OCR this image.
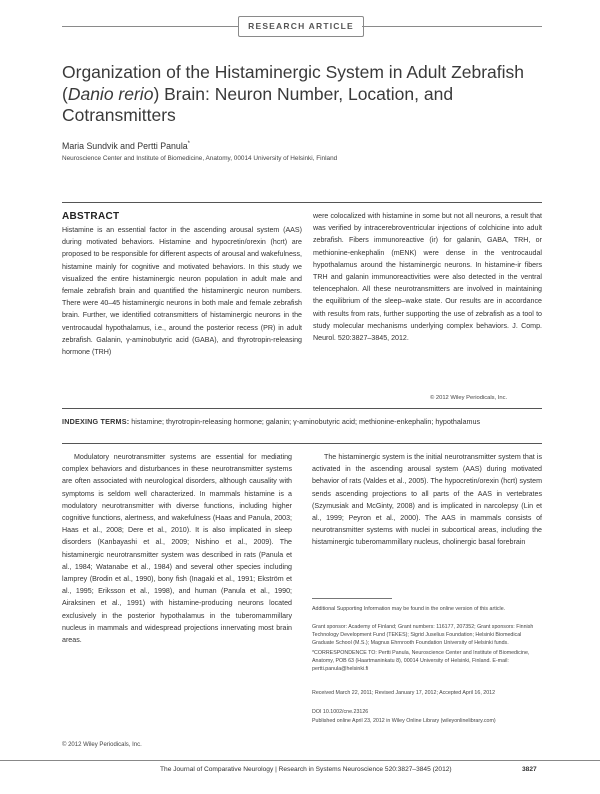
RESEARCH ARTICLE
Organization of the Histaminergic System in Adult Zebrafish (Danio rerio) Brain: Neuron Number, Location, and Cotransmitters
Maria Sundvik and Pertti Panula*
Neuroscience Center and Institute of Biomedicine, Anatomy, 00014 University of Helsinki, Finland
ABSTRACT
Histamine is an essential factor in the ascending arousal system (AAS) during motivated behaviors. Histamine and hypocretin/orexin (hcrt) are proposed to be responsible for different aspects of arousal and wakefulness, histamine mainly for cognitive and motivated behaviors. In this study we visualized the entire histaminergic neuron population in adult male and female zebrafish brain and quantified the histaminergic neuron numbers. There were 40–45 histaminergic neurons in both male and female zebrafish brain. Further, we identified cotransmitters of histaminergic neurons in the ventrocaudal hypothalamus, i.e., around the posterior recess (PR) in adult zebrafish. Galanin, γ-aminobutyric acid (GABA), and thyrotropin-releasing hormone (TRH)
were colocalized with histamine in some but not all neurons, a result that was verified by intracerebroventricular injections of colchicine into adult zebrafish. Fibers immunoreactive (ir) for galanin, GABA, TRH, or methionine-enkephalin (mENK) were dense in the ventrocaudal hypothalamus around the histaminergic neurons. In histamine-ir fibers TRH and galanin immunoreactivities were also detected in the ventral telencephalon. All these neurotransmitters are involved in maintaining the equilibrium of the sleep–wake state. Our results are in accordance with results from rats, further supporting the use of zebrafish as a tool to study molecular mechanisms underlying complex behaviors. J. Comp. Neurol. 520:3827–3845, 2012.
© 2012 Wiley Periodicals, Inc.
INDEXING TERMS: histamine; thyrotropin-releasing hormone; galanin; γ-aminobutyric acid; methionine-enkephalin; hypothalamus
Modulatory neurotransmitter systems are essential for mediating complex behaviors and disturbances in these neurotransmitter systems are often associated with neurological disorders, although causality with symptoms is seldom well characterized. In mammals histamine is a modulatory neurotransmitter with diverse functions, including higher cognitive functions, alertness, and wakefulness (Haas and Panula, 2003; Haas et al., 2008; Dere et al., 2010). It is also implicated in sleep disorders (Kanbayashi et al., 2009; Nishino et al., 2009). The histaminergic neurotransmitter system was described in rats (Panula et al., 1984; Watanabe et al., 1984) and several other species including lamprey (Brodin et al., 1990), bony fish (Inagaki et al., 1991; Ekström et al., 1995; Eriksson et al., 1998), and human (Panula et al., 1990; Airaksinen et al., 1991) with histamine-producing neurons located exclusively in the posterior hypothalamus in the tuberomammillary nucleus in mammals and widespread projections innervating most brain areas.
The histaminergic system is the initial neurotransmitter system that is activated in the ascending arousal system (AAS) during motivated behavior of rats (Valdes et al., 2005). The hypocretin/orexin (hcrt) system sends ascending projections to all parts of the AAS in vertebrates (Szymusiak and McGinty, 2008) and is implicated in narcolepsy (Lin et al., 1999; Peyron et al., 2000). The AAS in mammals consists of neurotransmitter systems with nuclei in subcortical areas, including the histaminergic tuberomammillary nucleus, cholinergic basal forebrain
Additional Supporting Information may be found in the online version of this article.
Grant sponsor: Academy of Finland; Grant numbers: 116177, 207352; Grant sponsors: Finnish Technology Development Fund (TEKES); Sigrid Juselius Foundation; Helsinki Biomedical Graduate School (M.S.); Magnus Ehrnrooth Foundation University of Helsinki funds.
*CORRESPONDENCE TO: Pertti Panula, Neuroscience Center and Institute of Biomedicine, Anatomy, POB 63 (Haartmaninkatu 8), 00014 University of Helsinki, Finland. E-mail: pertti.panula@helsinki.fi
Received March 22, 2011; Revised January 17, 2012; Accepted April 16, 2012
DOI 10.1002/cne.23126
Published online April 23, 2012 in Wiley Online Library (wileyonlinelibrary.com)
© 2012 Wiley Periodicals, Inc.
The Journal of Comparative Neurology | Research in Systems Neuroscience 520:3827–3845 (2012)	3827
